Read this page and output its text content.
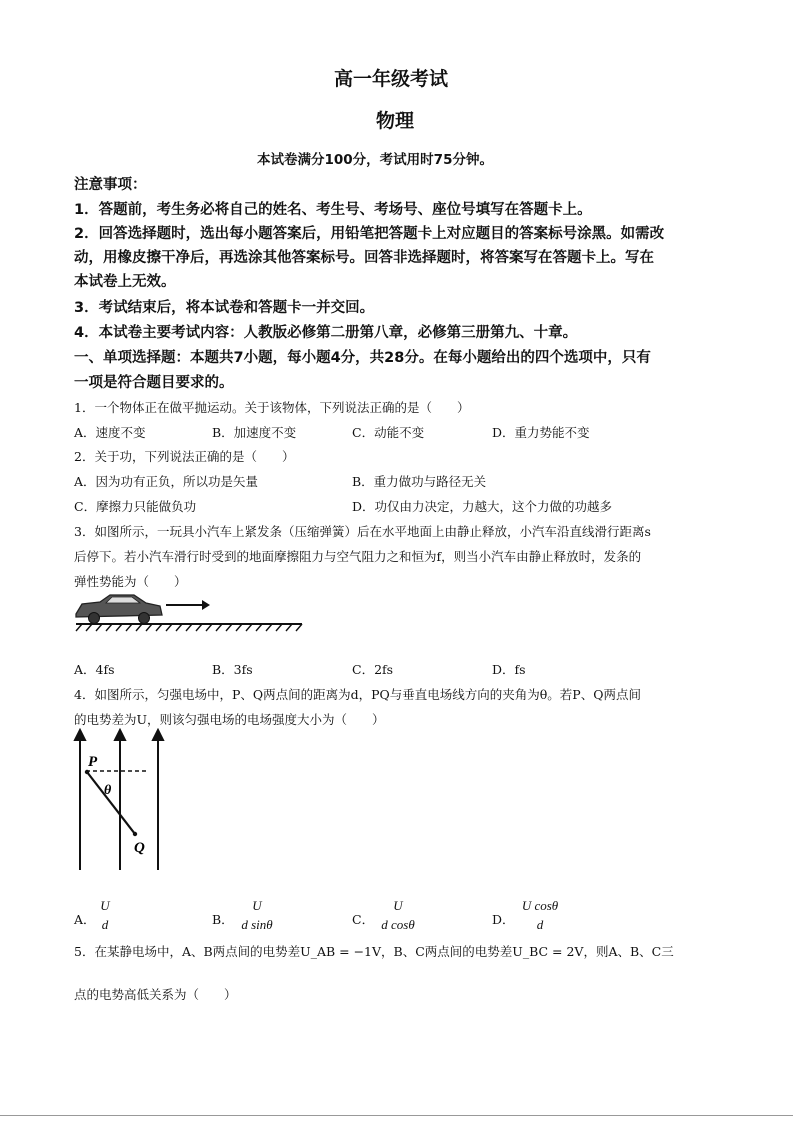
高一年级考试
物理
本试卷满分100分，考试用时75分钟。
注意事项：
1．答题前，考生务必将自己的姓名、考生号、考场号、座位号填写在答题卡上。
2．回答选择题时，选出每小题答案后，用铅笔把答题卡上对应题目的答案标号涂黑。如需改
动，用橡皮擦干净后，再选涂其他答案标号。回答非选择题时，将答案写在答题卡上。写在
本试卷上无效。
3．考试结束后，将本试卷和答题卡一并交回。
4．本试卷主要考试内容：人教版必修第二册第八章，必修第三册第九、十章。
一、单项选择题：本题共7小题，每小题4分，共28分。在每小题给出的四个选项中，只有
一项是符合题目要求的。
1．一个物体正在做平抛运动。关于该物体，下列说法正确的是（　　）
A．速度不变	B．加速度不变	C．动能不变	D．重力势能不变
2．关于功，下列说法正确的是（　　）
A．因为功有正负，所以功是矢量	B．重力做功与路径无关
C．摩擦力只能做负功	D．功仅由力决定，力越大，这个力做的功越多
3．如图所示，一玩具小汽车上紧发条（压缩弹簧）后在水平地面上由静止释放，小汽车沿直线滑行距离s
后停下。若小汽车滑行时受到的地面摩擦阻力与空气阻力之和恒为f，则当小汽车由静止释放时，发条的
弹性势能为（　　）
A．4fs	B．3fs	C．2fs	D．fs
4．如图所示，匀强电场中，P、Q两点间的距离为d，PQ与垂直电场线方向的夹角为θ。若P、Q两点间
的电势差为U，则该匀强电场的电场强度大小为（　　）
P
θ
Q
A．
U
d	B．
U
d sinθ	C．
U
d cosθ	D．
U cosθ
d
5．在某静电场中，A、B两点间的电势差U_AB = −1V，B、C两点间的电势差U_BC = 2V，则A、B、C三
点的电势高低关系为（　　）
